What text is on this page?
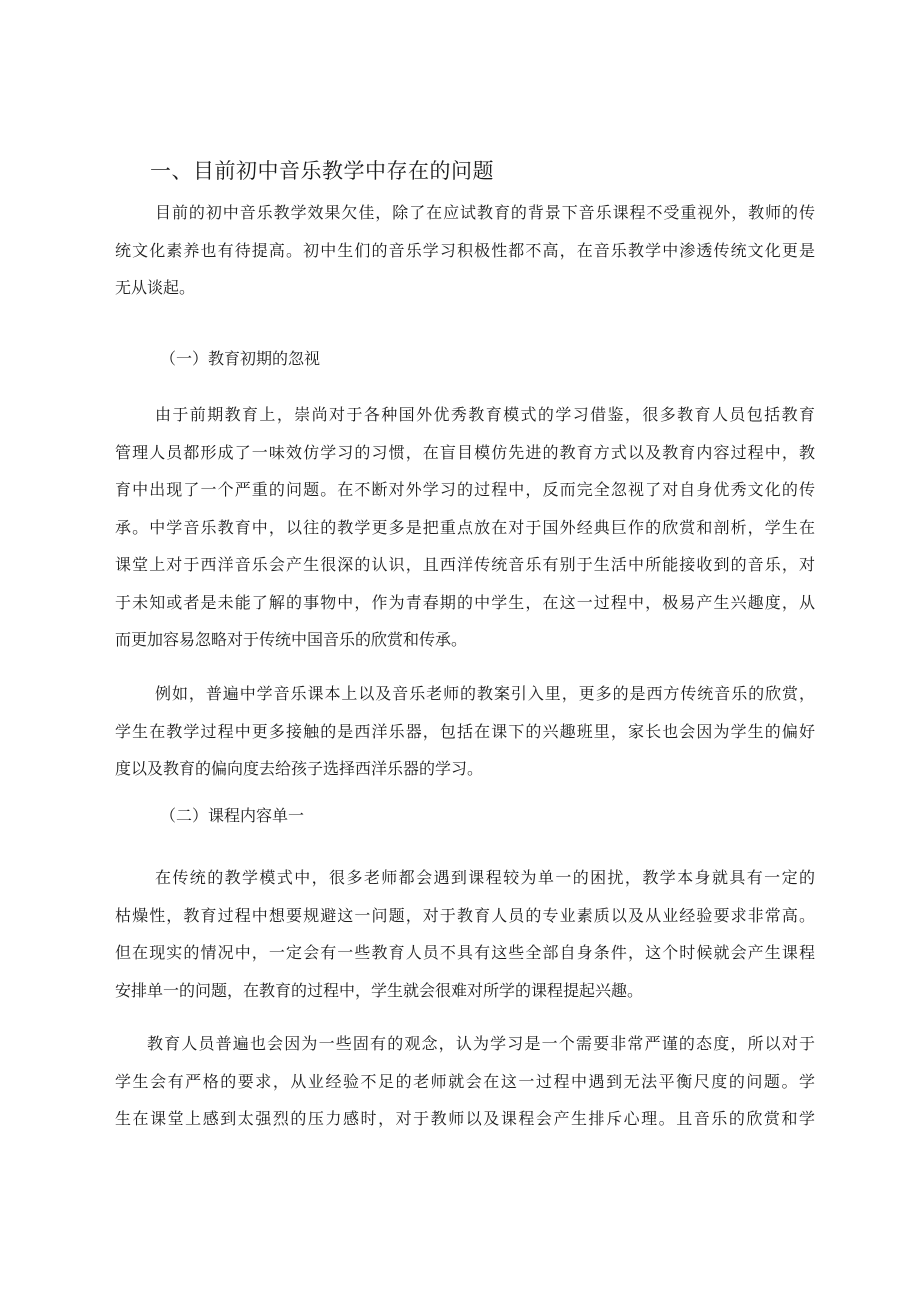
一、目前初中音乐教学中存在的问题
目前的初中音乐教学效果欠佳，除了在应试教育的背景下音乐课程不受重视外，教师的传
统文化素养也有待提高。初中生们的音乐学习积极性都不高，在音乐教学中渗透传统文化更是
无从谈起。
（一）教育初期的忽视
由于前期教育上，崇尚对于各种国外优秀教育模式的学习借鉴，很多教育人员包括教育
管理人员都形成了一味效仿学习的习惯，在盲目模仿先进的教育方式以及教育内容过程中，教
育中出现了一个严重的问题。在不断对外学习的过程中，反而完全忽视了对自身优秀文化的传
承。中学音乐教育中，以往的教学更多是把重点放在对于国外经典巨作的欣赏和剖析，学生在
课堂上对于西洋音乐会产生很深的认识，且西洋传统音乐有别于生活中所能接收到的音乐，对
于未知或者是未能了解的事物中，作为青春期的中学生，在这一过程中，极易产生兴趣度，从
而更加容易忽略对于传统中国音乐的欣赏和传承。
例如，普遍中学音乐课本上以及音乐老师的教案引入里，更多的是西方传统音乐的欣赏，
学生在教学过程中更多接触的是西洋乐器，包括在课下的兴趣班里，家长也会因为学生的偏好
度以及教育的偏向度去给孩子选择西洋乐器的学习。
（二）课程内容单一
在传统的教学模式中，很多老师都会遇到课程较为单一的困扰，教学本身就具有一定的
枯燥性，教育过程中想要规避这一问题，对于教育人员的专业素质以及从业经验要求非常高。
但在现实的情况中，一定会有一些教育人员不具有这些全部自身条件，这个时候就会产生课程
安排单一的问题，在教育的过程中，学生就会很难对所学的课程提起兴趣。
教育人员普遍也会因为一些固有的观念，认为学习是一个需要非常严谨的态度，所以对于
学生会有严格的要求，从业经验不足的老师就会在这一过程中遇到无法平衡尺度的问题。学
生在课堂上感到太强烈的压力感时，对于教师以及课程会产生排斥心理。且音乐的欣赏和学
